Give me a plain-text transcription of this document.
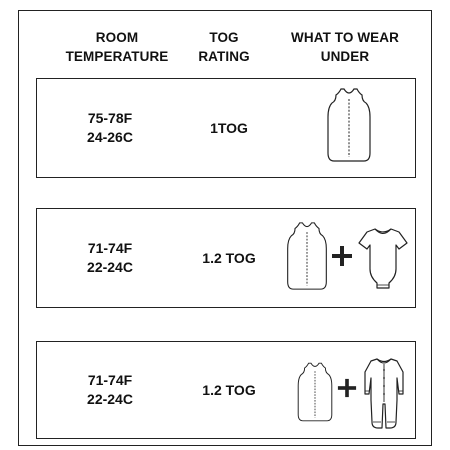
ROOM
TEMPERATURE
TOG
RATING
WHAT TO WEAR
UNDER
75-78F
24-26C
1TOG
71-74F
22-24C
1.2 TOG
71-74F
22-24C
1.2 TOG
